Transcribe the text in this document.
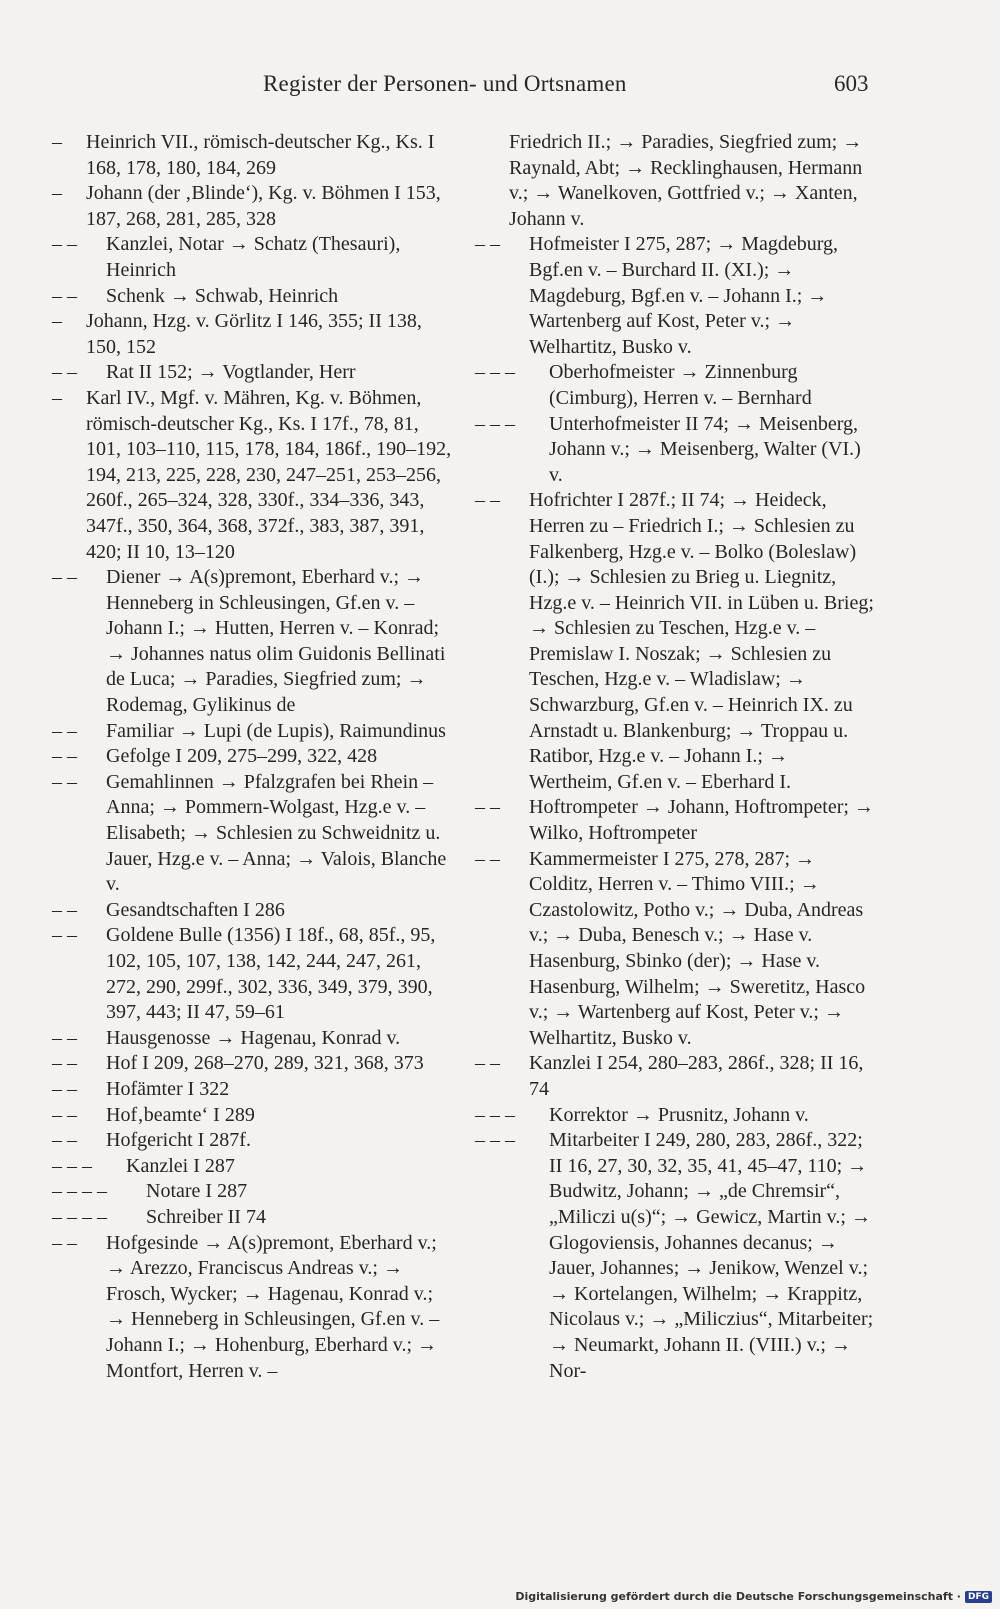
Register der Personen- und Ortsnamen	603
– Heinrich VII., römisch-deutscher Kg., Ks. I 168, 178, 180, 184, 269
– Johann (der ‚Blinde‘), Kg. v. Böhmen I 153, 187, 268, 281, 285, 328
– – Kanzlei, Notar → Schatz (Thesauri), Heinrich
– – Schenk → Schwab, Heinrich
– Johann, Hzg. v. Görlitz I 146, 355; II 138, 150, 152
– – Rat II 152; → Vogtlander, Herr
– Karl IV., Mgf. v. Mähren, Kg. v. Böhmen, römisch-deutscher Kg., Ks. I 17f., 78, 81, 101, 103–110, 115, 178, 184, 186f., 190–192, 194, 213, 225, 228, 230, 247–251, 253–256, 260f., 265–324, 328, 330f., 334–336, 343, 347f., 350, 364, 368, 372f., 383, 387, 391, 420; II 10, 13–120
– – Diener → A(s)premont, Eberhard v.; → Henneberg in Schleusingen, Gf.en v. – Johann I.; → Hutten, Herren v. – Konrad; → Johannes natus olim Guidonis Bellinati de Luca; → Paradies, Siegfried zum; → Rodemag, Gylikinus de
– – Familiar → Lupi (de Lupis), Raimundinus
– – Gefolge I 209, 275–299, 322, 428
– – Gemahlinnen → Pfalzgrafen bei Rhein – Anna; → Pommern-Wolgast, Hzg.e v. – Elisabeth; → Schlesien zu Schweidnitz u. Jauer, Hzg.e v. – Anna; → Valois, Blanche v.
– – Gesandtschaften I 286
– – Goldene Bulle (1356) I 18f., 68, 85f., 95, 102, 105, 107, 138, 142, 244, 247, 261, 272, 290, 299f., 302, 336, 349, 379, 390, 397, 443; II 47, 59–61
– – Hausgenosse → Hagenau, Konrad v.
– – Hof I 209, 268–270, 289, 321, 368, 373
– – Hofämter I 322
– – Hof‚beamte‘ I 289
– – Hofgericht I 287f.
– – – Kanzlei I 287
– – – – Notare I 287
– – – – Schreiber II 74
– – Hofgesinde → A(s)premont, Eberhard v.; → Arezzo, Franciscus Andreas v.; → Frosch, Wycker; → Hagenau, Konrad v.; → Henneberg in Schleusingen, Gf.en v. – Johann I.; → Hohenburg, Eberhard v.; → Montfort, Herren v. –
Friedrich II.; → Paradies, Siegfried zum; → Raynald, Abt; → Recklinghausen, Hermann v.; → Wanelkoven, Gottfried v.; → Xanten, Johann v.
– – Hofmeister I 275, 287; → Magdeburg, Bgf.en v. – Burchard II. (XI.); → Magdeburg, Bgf.en v. – Johann I.; → Wartenberg auf Kost, Peter v.; → Welhartitz, Busko v.
– – – Oberhofmeister → Zinnenburg (Cimburg), Herren v. – Bernhard
– – – Unterhofmeister II 74; → Meisenberg, Johann v.; → Meisenberg, Walter (VI.) v.
– – Hofrichter I 287f.; II 74; → Heideck, Herren zu – Friedrich I.; → Schlesien zu Falkenberg, Hzg.e v. – Bolko (Boleslaw) (I.); → Schlesien zu Brieg u. Liegnitz, Hzg.e v. – Heinrich VII. in Lüben u. Brieg; → Schlesien zu Teschen, Hzg.e v. – Premislaw I. Noszak; → Schlesien zu Teschen, Hzg.e v. – Wladislaw; → Schwarzburg, Gf.en v. – Heinrich IX. zu Arnstadt u. Blankenburg; → Troppau u. Ratibor, Hzg.e v. – Johann I.; → Wertheim, Gf.en v. – Eberhard I.
– – Hoftrompeter → Johann, Hoftrompeter; → Wilko, Hoftrompeter
– – Kammermeister I 275, 278, 287; → Colditz, Herren v. – Thimo VIII.; → Czastolowitz, Potho v.; → Duba, Andreas v.; → Duba, Benesch v.; → Hase v. Hasenburg, Sbinko (der); → Hase v. Hasenburg, Wilhelm; → Sweretitz, Hasco v.; → Wartenberg auf Kost, Peter v.; → Welhartitz, Busko v.
– – Kanzlei I 254, 280–283, 286f., 328; II 16, 74
– – – Korrektor → Prusnitz, Johann v.
– – – Mitarbeiter I 249, 280, 283, 286f., 322; II 16, 27, 30, 32, 35, 41, 45–47, 110; → Budwitz, Johann; → „de Chremsir“, „Miliczi u(s)“; → Gewicz, Martin v.; → Glogoviensis, Johannes decanus; → Jauer, Johannes; → Jenikow, Wenzel v.; → Kortelangen, Wilhelm; → Krappitz, Nicolaus v.; → „Miliczius“, Mitarbeiter; → Neumarkt, Johann II. (VIII.) v.; → Nor-
Digitalisierung gefördert durch die Deutsche Forschungsgemeinschaft · DFG
